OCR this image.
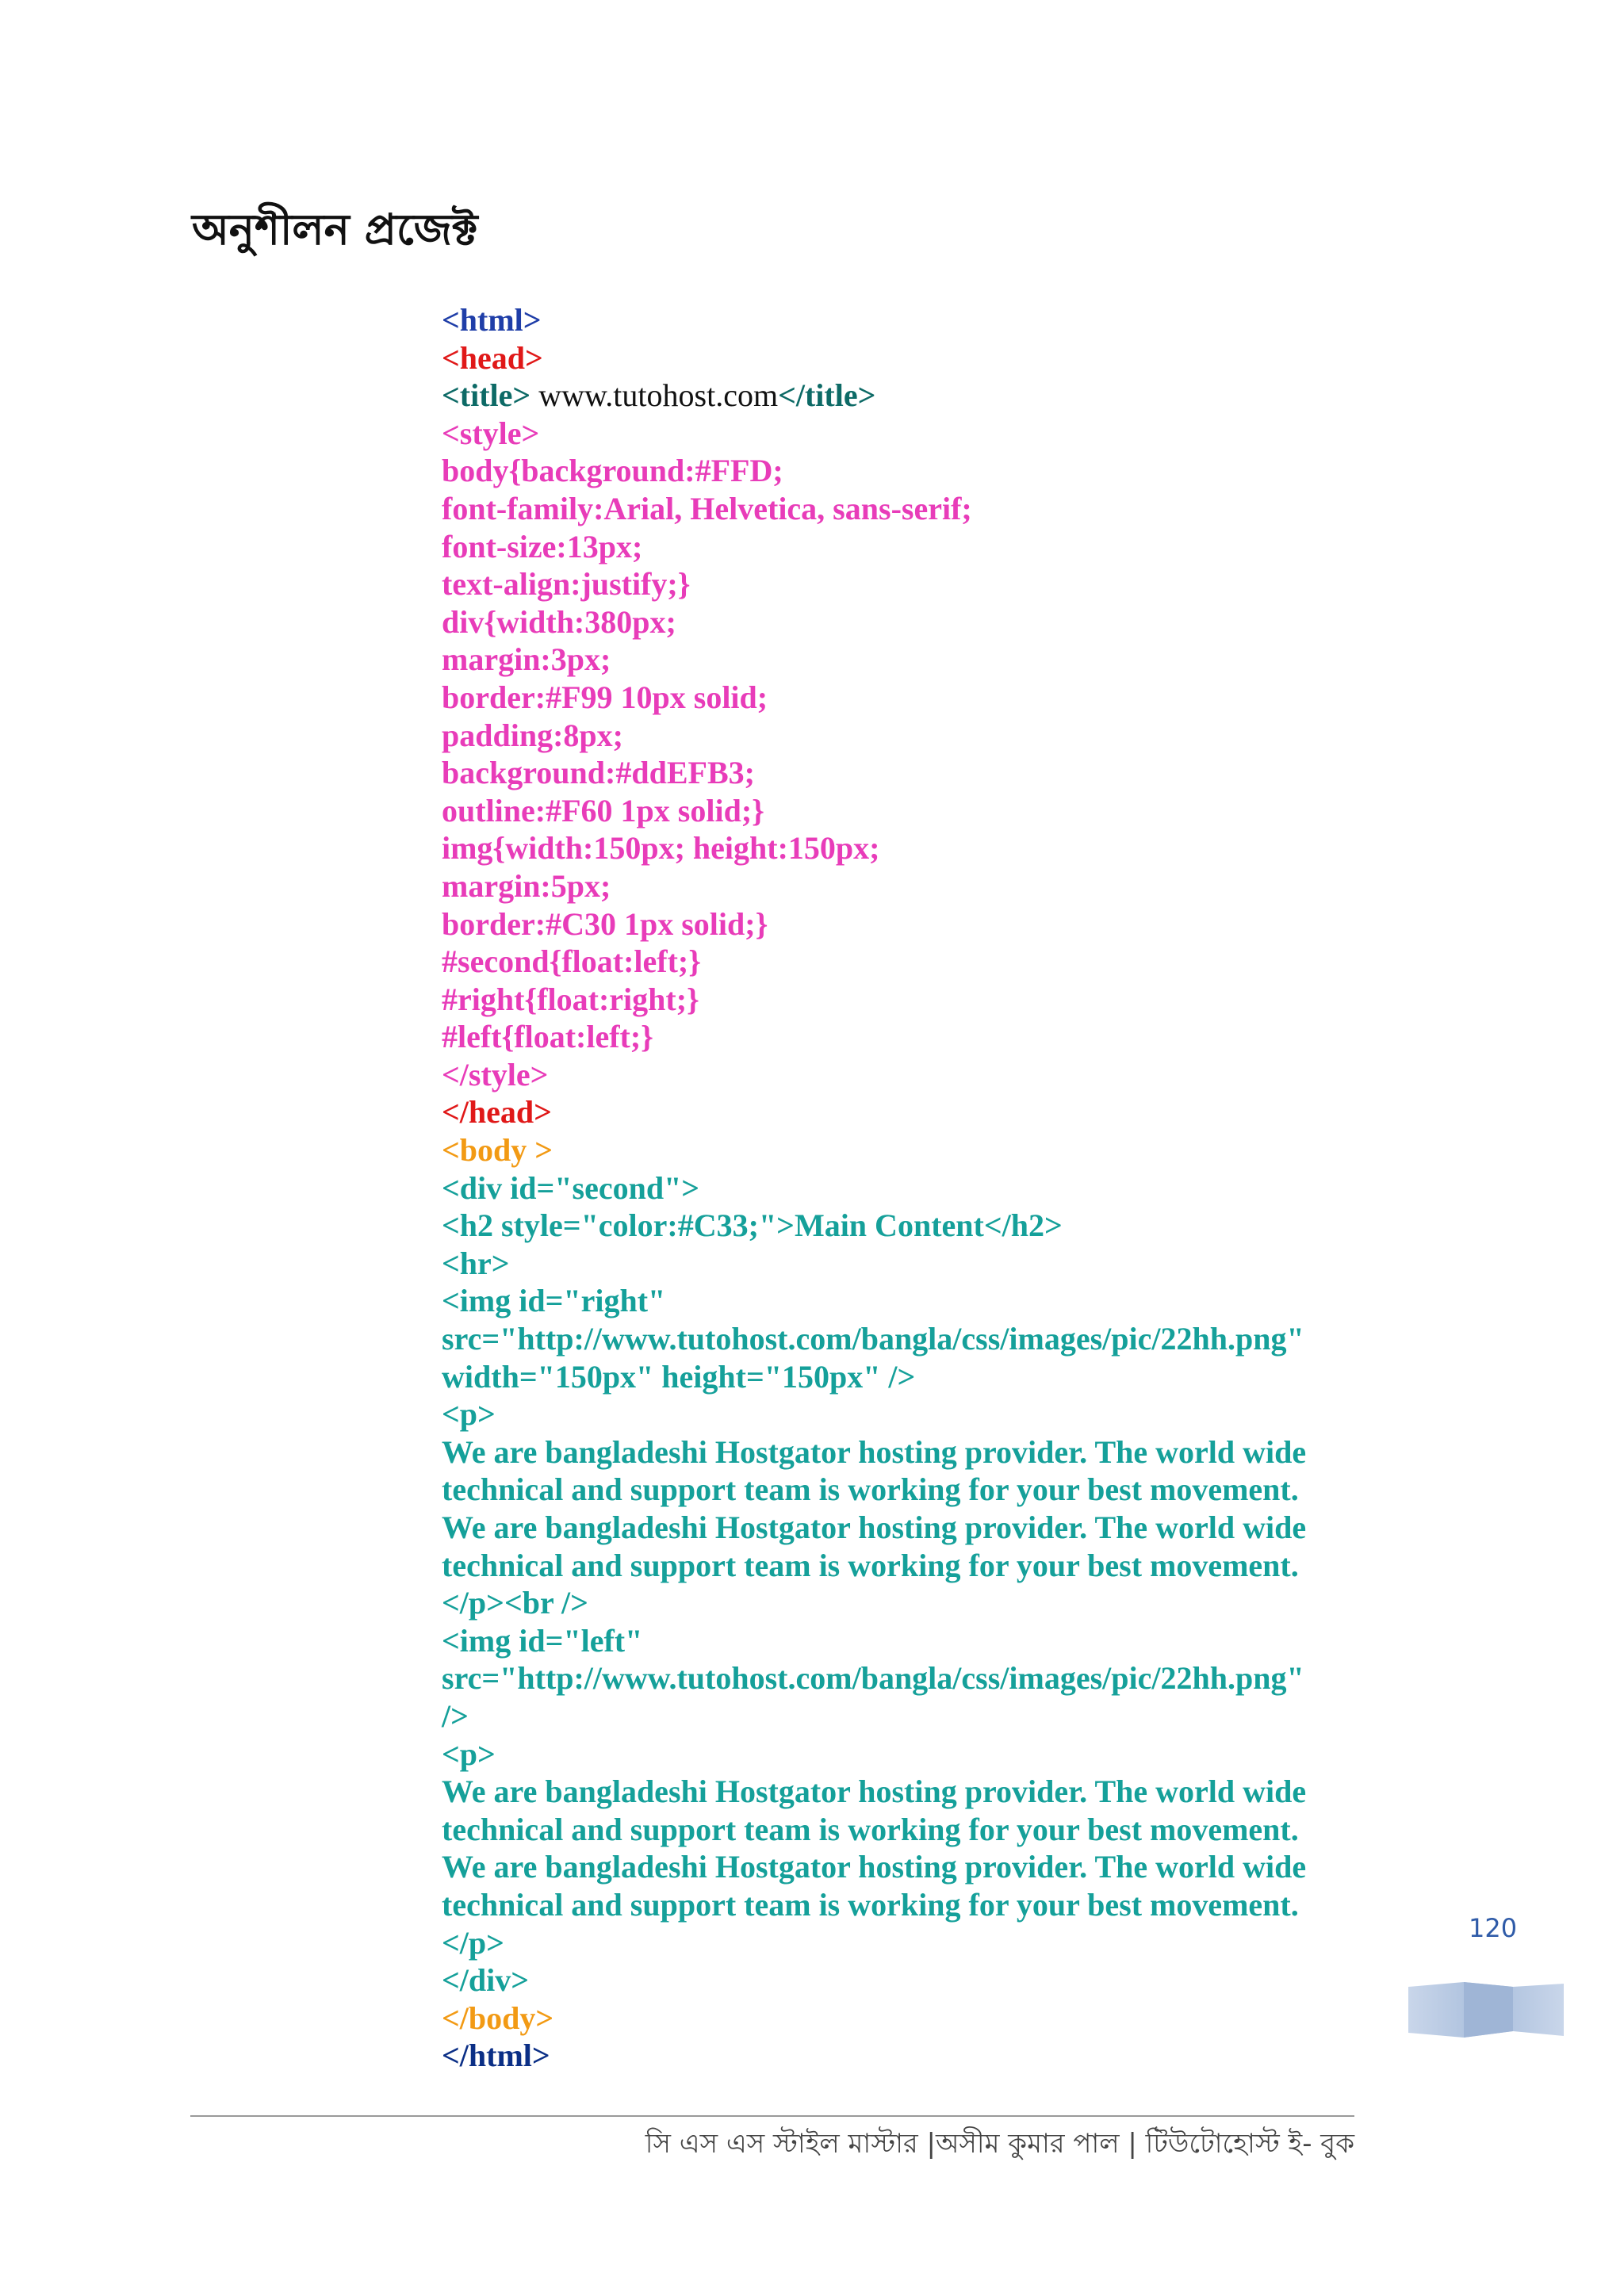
অনুশীলন প্রজেক্ট
<html>
<head>
<title> www.tutohost.com</title>
<style>
body{background:#FFD;
font-family:Arial, Helvetica, sans-serif;
font-size:13px;
text-align:justify;}
div{width:380px;
margin:3px;
border:#F99 10px solid;
padding:8px;
background:#ddEFB3;
outline:#F60 1px solid;}
img{width:150px; height:150px;
margin:5px;
border:#C30 1px solid;}
#second{float:left;}
#right{float:right;}
#left{float:left;}
</style>
</head>
<body >
<div id="second">
<h2 style="color:#C33;">Main Content</h2>
<hr>
<img id="right"
src="http://www.tutohost.com/bangla/css/images/pic/22hh.png"
width="150px" height="150px" />
<p>
We are bangladeshi Hostgator hosting provider. The world wide
technical and support team is working for your best movement.
We are bangladeshi Hostgator hosting provider. The world wide
technical and support team is working for your best movement.
</p><br />
<img id="left"
src="http://www.tutohost.com/bangla/css/images/pic/22hh.png"
/>
<p>
We are bangladeshi Hostgator hosting provider. The world wide
technical and support team is working for your best movement.
We are bangladeshi Hostgator hosting provider. The world wide
technical and support team is working for your best movement.
</p>
</div>
</body>
</html>
120
সি এস এস স্টাইল মাস্টার |অসীম কুমার পাল | টিউটোহোস্ট ই- বুক
